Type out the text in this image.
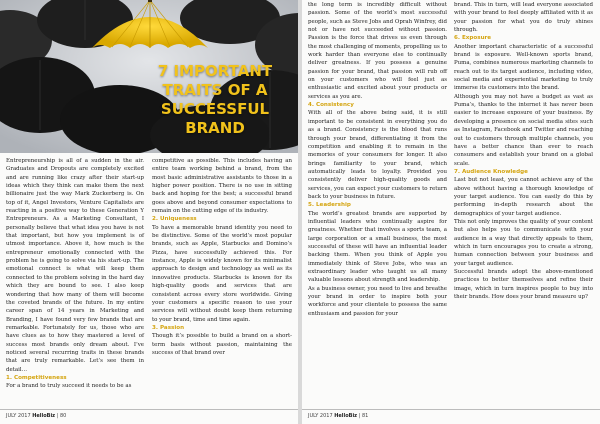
7 IMPORTANT TRAITS OF A SUCCESSFUL BRAND

Entrepreneurship is all of a sudden in the air. Graduates and Dropouts are completely excited and are running like crazy after their start-up ideas which they think can make them the next billionaire just the way Mark Zuckerberg is. On top of it, Angel Investors, Venture Capitalists are reacting in a positive way to these Generation Y Entrepreneurs. As a Marketing Consultant, I personally believe that what idea you have is not that important, but how you implement is of utmost importance. Above it, how much is the entrepreneur emotionally connected with the problem he is going to solve via his start-up. The emotional connect is what will keep them connected to the problem solving in the hard day which they are bound to see. I also keep wondering that how many of them will become the coveted brands of the future. In my entire career span of 14 years in Marketing and Branding, I have found very few brands that are remarkable. Fortunately for us, those who are have clues as to how they mastered a level of success most brands only dream about. I’ve noticed several recurring traits in these brands that are truly remarkable. Let’s see them in detail…

1. Competitiveness

For a brand to truly succeed it needs to be as

competitive as possible. This includes having an entire team working behind a brand, from the most basic administrative assistants to those in a higher power position. There is no use in sitting back and hoping for the best; a successful brand goes above and beyond consumer expectations to remain on the cutting edge of its industry.

2. Uniqueness

To have a memorable brand identity you need to be distinctive. Some of the world’s most popular brands, such as Apple, Starbucks and Domino’s Pizza, have successfully achieved this. For instance, Apple is widely known for its minimalist approach to design and technology as well as its innovative products. Starbucks is known for its high-quality goods and services that are consistent across every store worldwide. Giving your customers a specific reason to use your services will without doubt keep them returning to your brand, time and time again.

3. Passion

Though it’s possible to build a brand on a short-term basis without passion, maintaining the success of that brand over

JULY 2017 HelloBiz | 80

the long term is incredibly difficult without passion. Some of the world’s most successful people, such as Steve Jobs and Oprah Winfrey, did not or have not succeeded without passion. Passion is the force that drives us even through the most challenging of moments, propelling us to work harder than everyone else to continually deliver greatness. If you possess a genuine passion for your brand, that passion will rub off on your customers who will feel just as enthusiastic and excited about your products or services as you are.

4. Consistency

With all of the above being said, it is still important to be consistent in everything you do as a brand. Consistency is the blood that runs through your brand, differentiating it from the competition and enabling it to remain in the memories of your consumers for longer. It also brings familiarity to your brand, which automatically leads to loyalty. Provided you consistently deliver high-quality goods and services, you can expect your customers to return back to your business in future.

5. Leadership

The world’s greatest brands are supported by influential leaders who continually aspire for greatness. Whether that involves a sports team, a large corporation or a small business, the most successful of these will have an influential leader backing them. When you think of Apple you immediately think of Steve Jobs, who was an extraordinary leader who taught us all many valuable lessons about strength and leadership.

As a business owner, you need to live and breathe your brand in order to inspire both your workforce and your clientele to possess the same enthusiasm and passion for your

brand. This in turn, will lead everyone associated with your brand to feel deeply affiliated with it as your passion for what you do truly shines through.

6. Exposure

Another important characteristic of a successful brand is exposure. Well-known sports brand, Puma, combines numerous marketing channels to reach out to its target audience, including video, social media and experiential marketing to truly immerse its customers into the brand.

Although you may not have a budget as vast as Puma’s, thanks to the internet it has never been easier to increase exposure of your business. By developing a presence on social media sites such as Instagram, Facebook and Twitter and reaching out to customers through multiple channels, you have a better chance than ever to reach consumers and establish your brand on a global scale.

7. Audience Knowledge

Last but not least, you cannot achieve any of the above without having a thorough knowledge of your target audience. You can easily do this by performing in-depth research about the demographics of your target audience.

This not only improves the quality of your content but also helps you to communicate with your audience in a way that directly appeals to them, which in turn encourages you to create a strong, human connection between your business and your target audience.

Successful brands adopt the above-mentioned practices to better themselves and refine their image, which in turn inspires people to buy into their brands. How does your brand measure up?

JULY 2017 HelloBiz | 81
